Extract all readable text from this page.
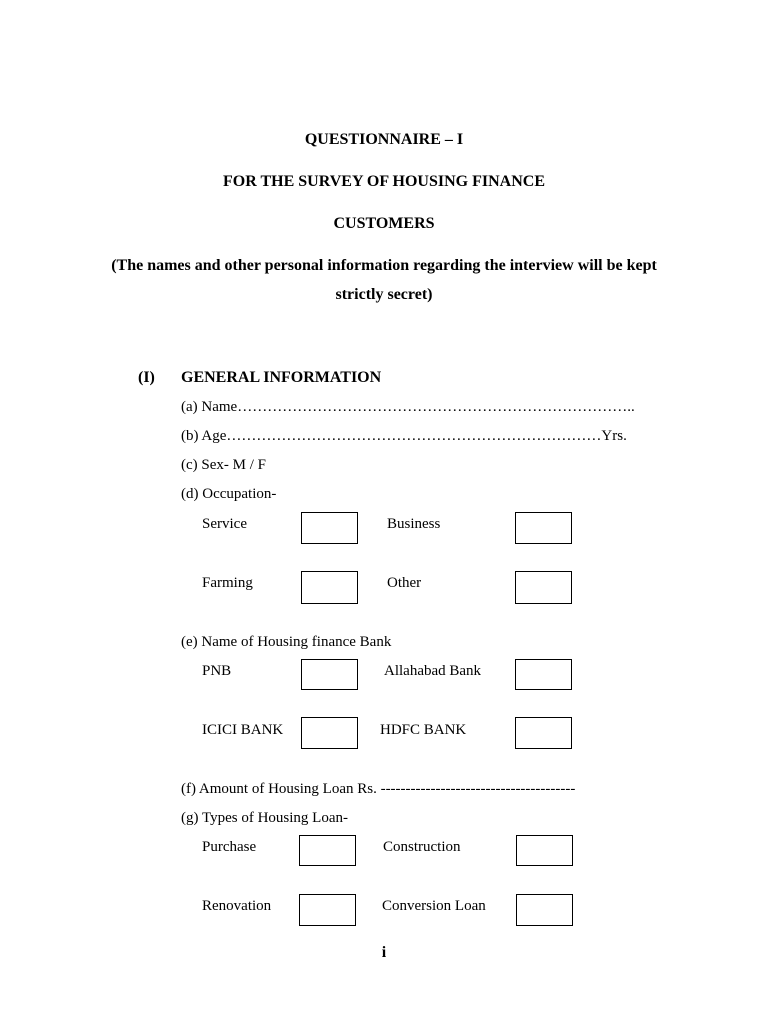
QUESTIONNAIRE – I
FOR THE SURVEY OF HOUSING FINANCE
CUSTOMERS
(The names and other personal information regarding the interview will be kept
strictly secret)
(I) GENERAL INFORMATION
(a) Name……………………………………………………………………..
(b) Age…………………………………………………………………Yrs.
(c) Sex- M / F
(d) Occupation-
Service	Business
Farming	Other
(e) Name of Housing finance Bank
PNB	Allahabad Bank
ICICI BANK	HDFC BANK
(f) Amount of Housing Loan Rs. ---------------------------------------
(g) Types of Housing Loan-
Purchase	Construction
Renovation	Conversion Loan
i
